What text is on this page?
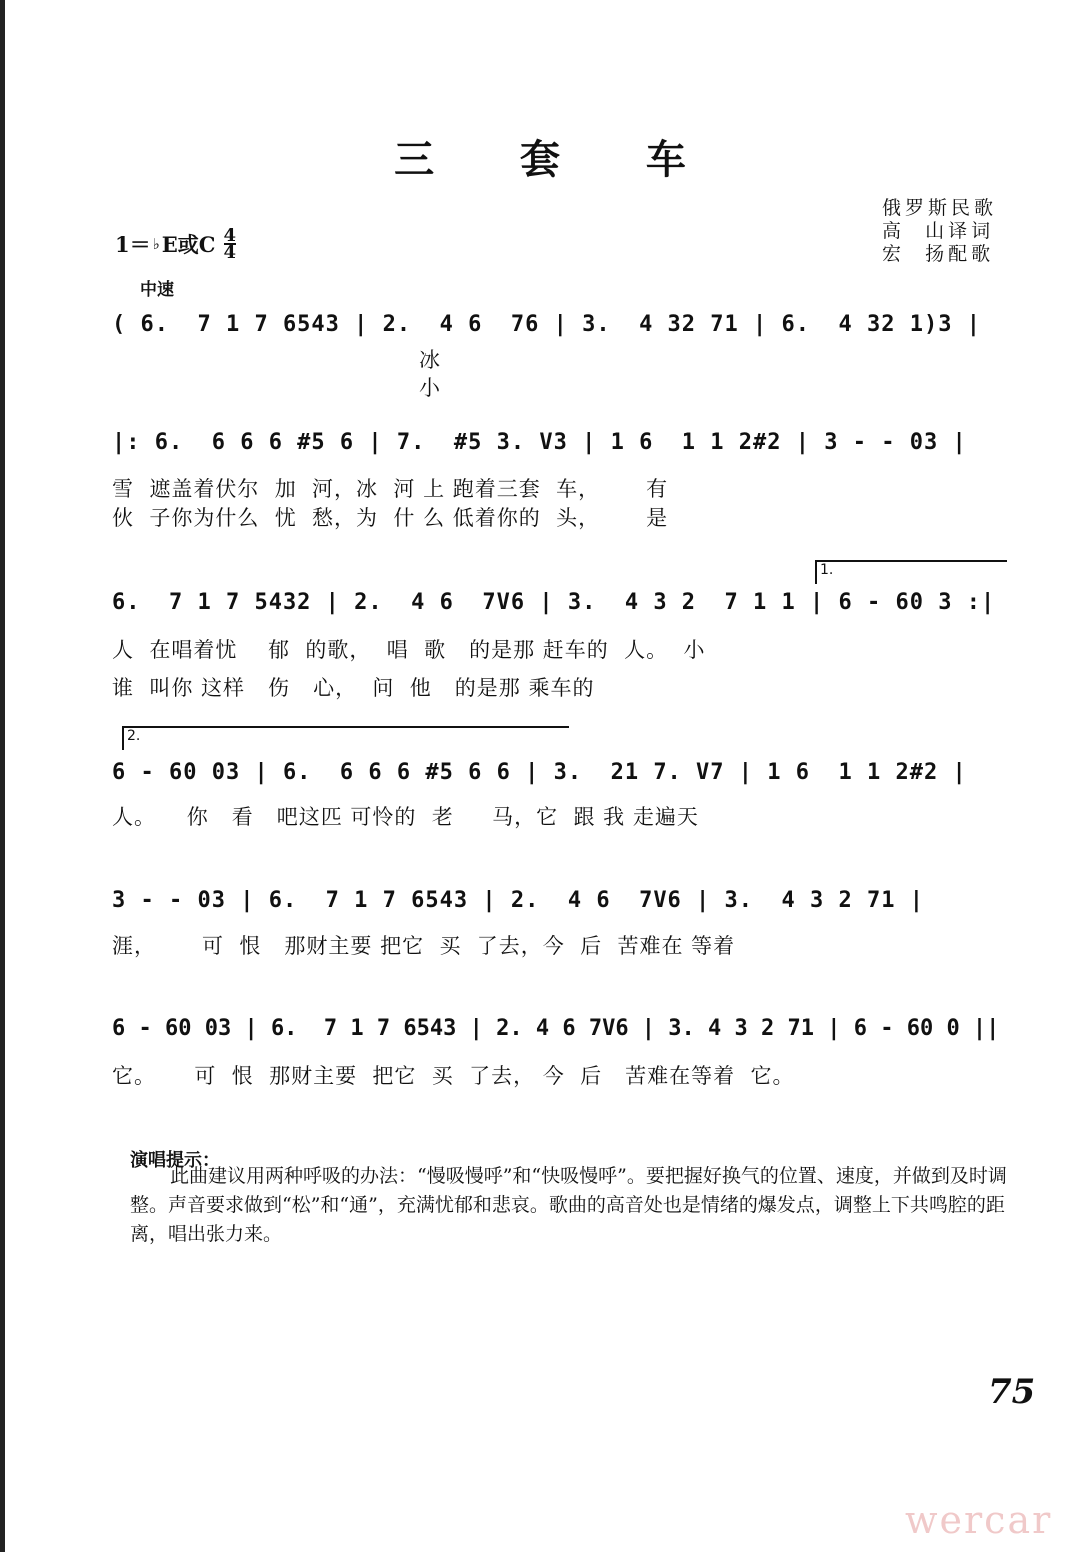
三 套 车
俄罗斯民歌
高  山译词
宏  扬配歌
1＝ ♭ E或C 4
4
中速
( 6.  7 1 7 6543 | 2.  4 6  76 | 3.  4 32 71 | 6.  4 32 1)3 |
冰
小
|: 6.  6 6 6 #5 6 | 7.  #5 3. V3 | 1 6  1 1 2#2 | 3 - - 03 |
雪  遮盖着伏尔  加  河，冰  河 上 跑着三套  车，      有
伙  子你为什么  忧  愁，为  什 么 低着你的  头，      是
1.
6.  7 1 7 5432 | 2.  4 6  7V6 | 3.  4 3 2  7 1 1 | 6 - 60 3 :|
人  在唱着忧    郁  的歌，  唱  歌   的是那 赶车的  人。  小
谁  叫你 这样   伤   心，  问  他   的是那 乘车的
2.
6 - 60 03 | 6.  6 6 6 #5 6 6 | 3.  21 7. V7 | 1 6  1 1 2#2 |
人。    你   看   吧这匹 可怜的  老     马，它  跟 我 走遍天
3 - - 03 | 6.  7 1 7 6543 | 2.  4 6  7V6 | 3.  4 3 2 71 |
涯，      可  恨   那财主要 把它  买  了去，今  后  苦难在 等着
6 - 60 03 | 6.  7 1 7 6543 | 2. 4 6 7V6 | 3. 4 3 2 71 | 6 - 60 0 ||
它。     可  恨  那财主要  把它  买  了去， 今  后   苦难在等着  它。
演唱提示：
此曲建议用两种呼吸的办法：“慢吸慢呼”和“快吸慢呼”。要把握好换气的位置、速度，并做到及时调整。声音要求做到“松”和“通”，充满忧郁和悲哀。歌曲的高音处也是情绪的爆发点，调整上下共鸣腔的距离，唱出张力来。
75
wercar
